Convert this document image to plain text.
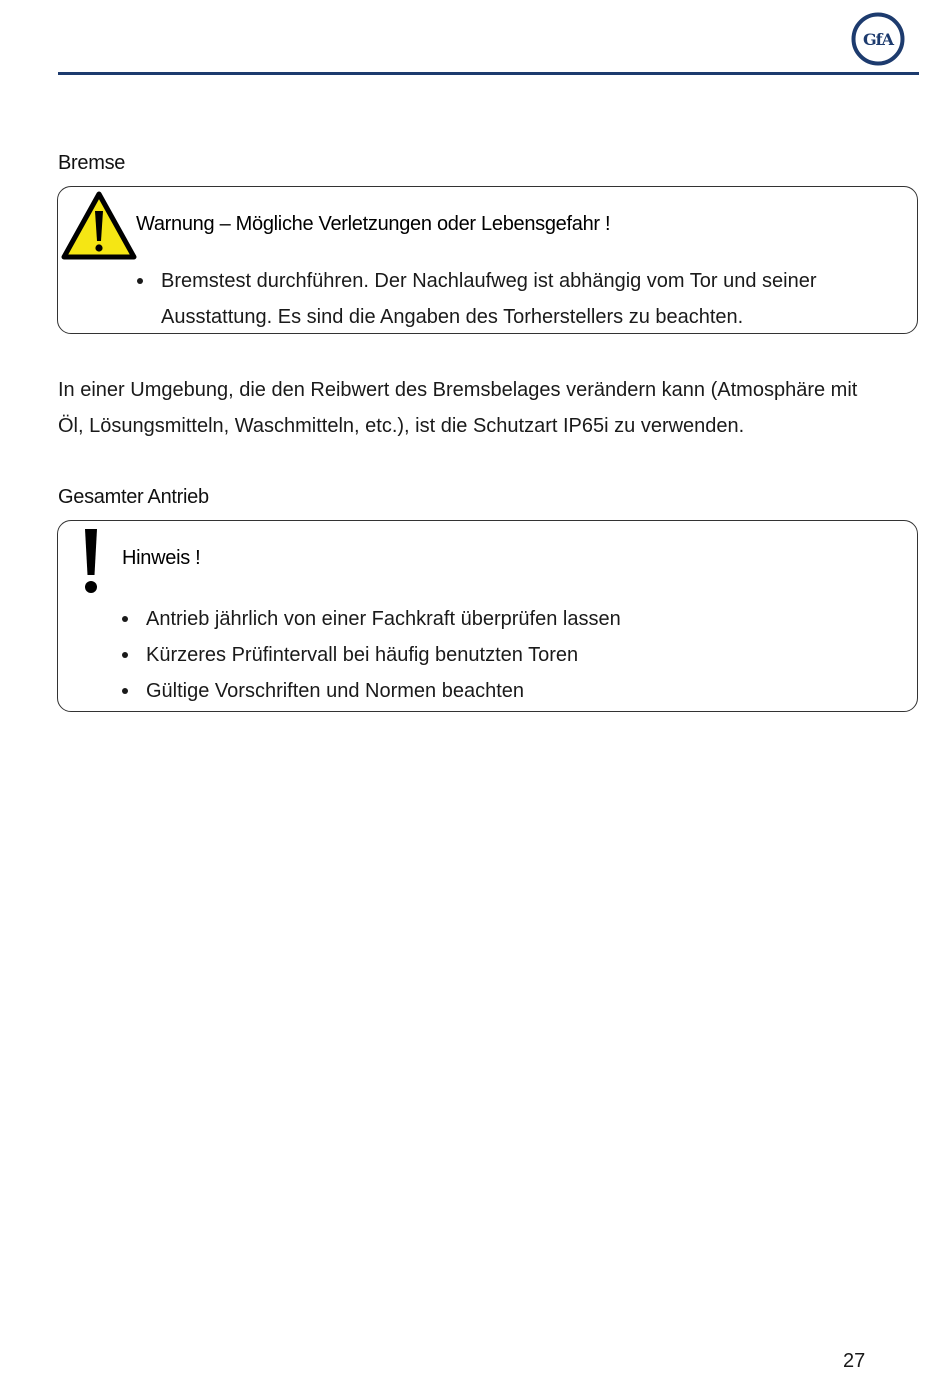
GfA
Bremse
Warnung – Mögliche Verletzungen oder Lebensgefahr !
Bremstest durchführen. Der Nachlaufweg ist abhängig vom Tor und seiner
Ausstattung. Es sind die Angaben des Torherstellers zu beachten.
In einer Umgebung, die den Reibwert des Bremsbelages verändern kann (Atmosphäre mit
Öl, Lösungsmitteln, Waschmitteln, etc.), ist die Schutzart IP65i zu verwenden.
Gesamter Antrieb
Hinweis !
Antrieb jährlich von einer Fachkraft überprüfen lassen
Kürzeres Prüfintervall bei häufig benutzten Toren
Gültige Vorschriften und Normen beachten
27
